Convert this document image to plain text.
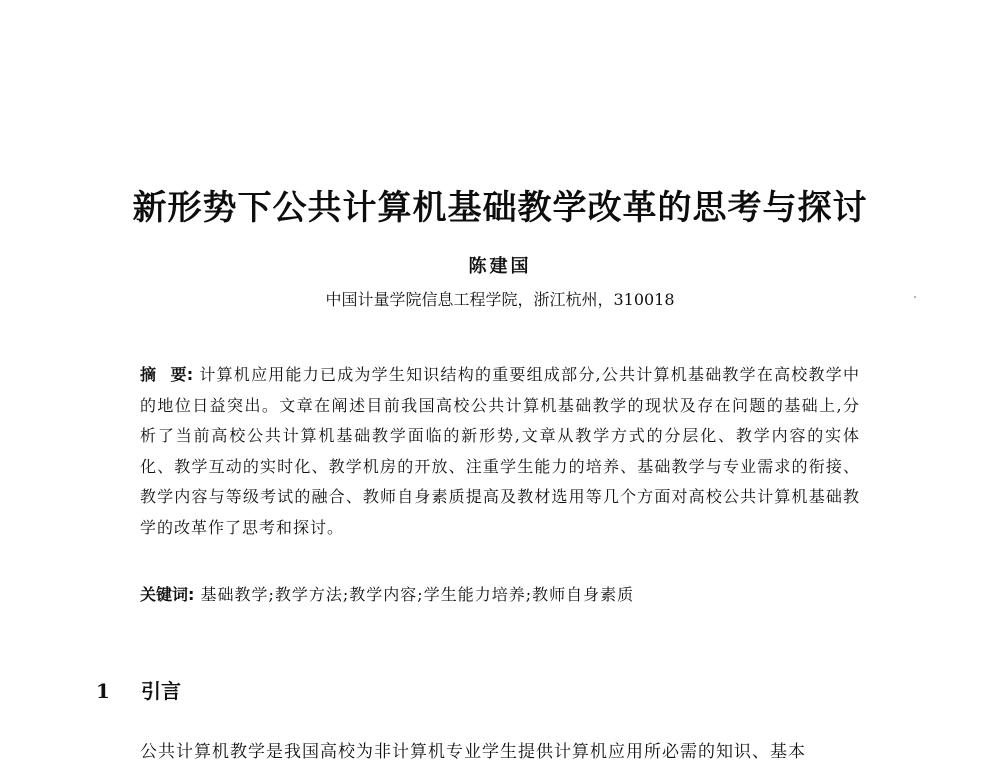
新形势下公共计算机基础教学改革的思考与探讨
陈建国
中国计量学院信息工程学院，浙江杭州，310018
摘 要: 计算机应用能力已成为学生知识结构的重要组成部分,公共计算机基础教学在高校教学中的地位日益突出。文章在阐述目前我国高校公共计算机基础教学的现状及存在问题的基础上,分析了当前高校公共计算机基础教学面临的新形势,文章从教学方式的分层化、教学内容的实体化、教学互动的实时化、教学机房的开放、注重学生能力的培养、基础教学与专业需求的衔接、教学内容与等级考试的融合、教师自身素质提高及教材选用等几个方面对高校公共计算机基础教学的改革作了思考和探讨。
关键词: 基础教学;教学方法;教学内容;学生能力培养;教师自身素质
1 引言
公共计算机教学是我国高校为非计算机专业学生提供计算机应用所必需的知识、基本
